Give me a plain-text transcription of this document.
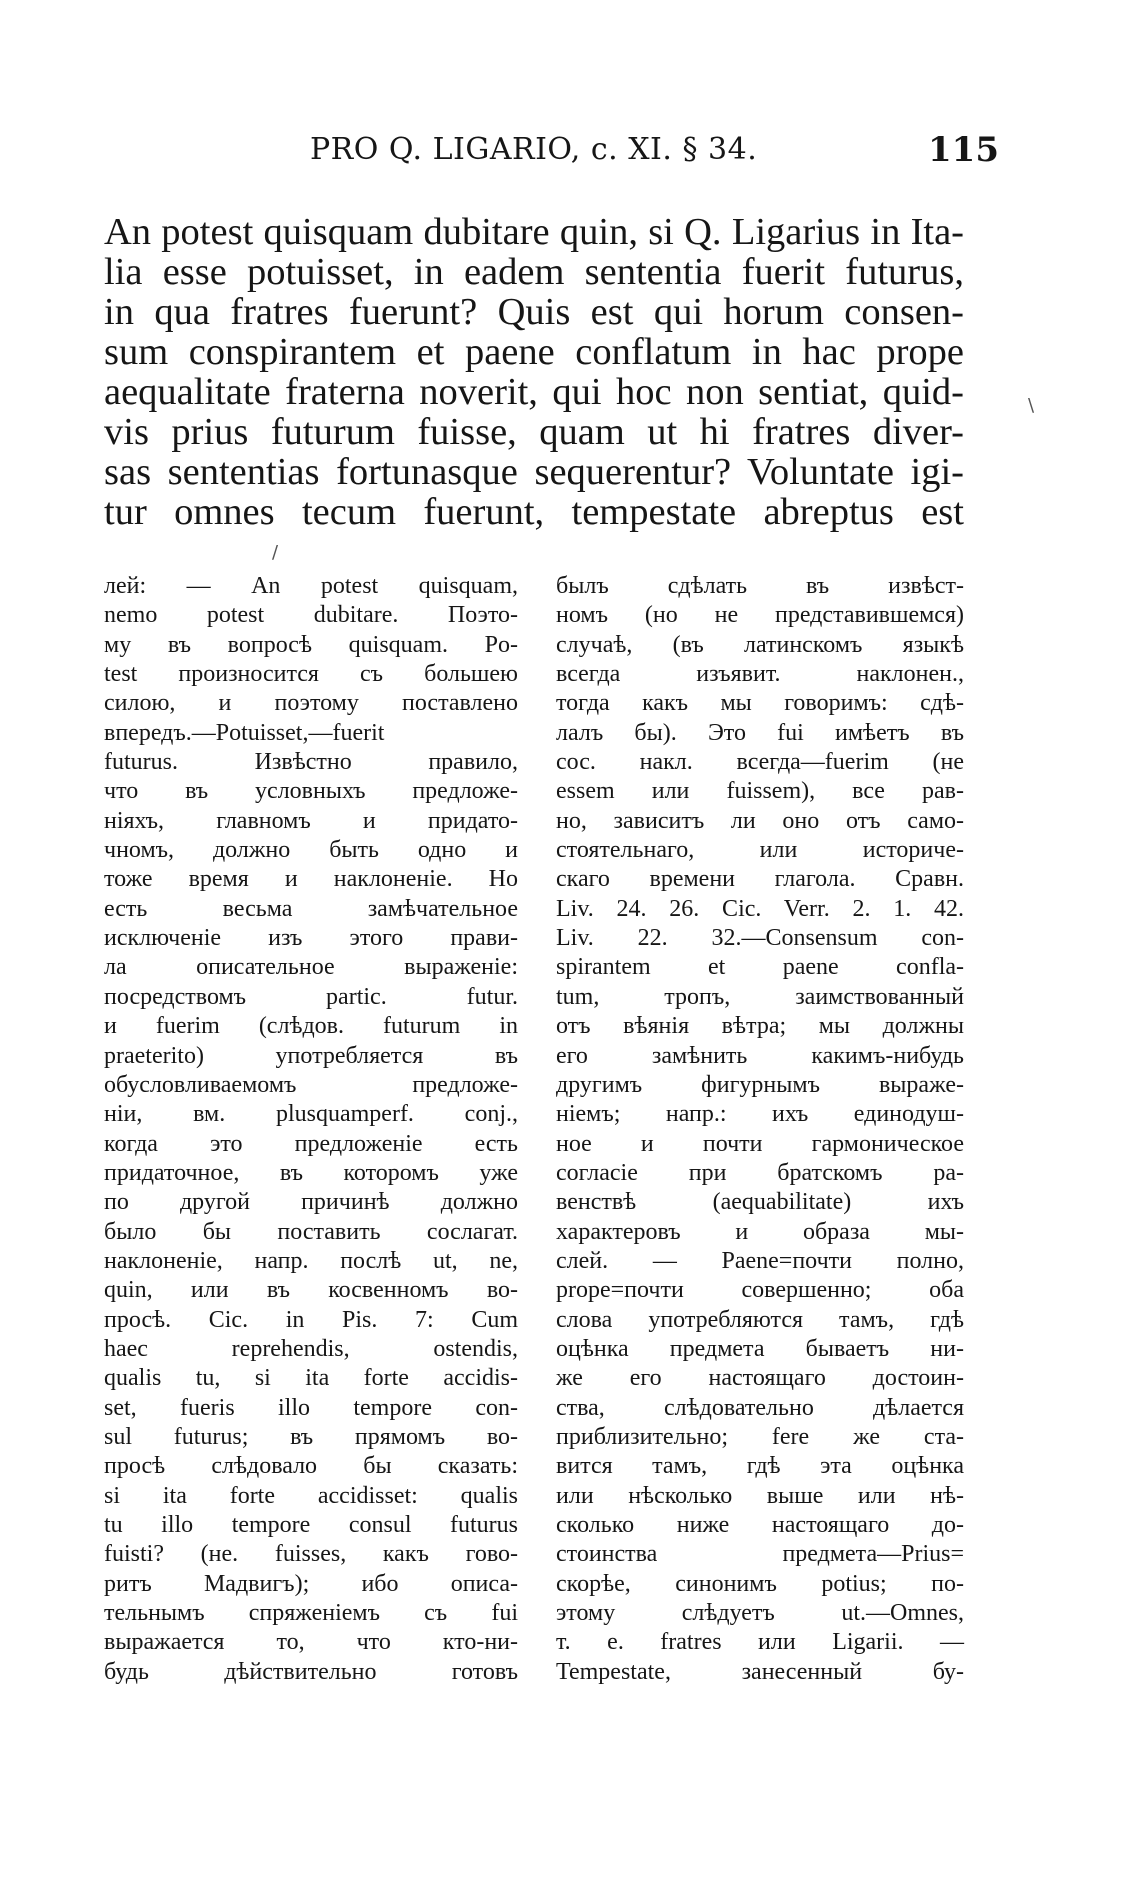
PRO Q. LIGARIO, c. XI. § 34.	115
An potest quisquam dubitare quin, si Q. Ligarius in Ita-
lia esse potuisset, in eadem sententia fuerit futurus,
in qua fratres fuerunt? Quis est qui horum consen-
sum conspirantem et paene conflatum in hac prope
aequalitate fraterna noverit, qui hoc non sentiat, quid-
vis prius futurum fuisse, quam ut hi fratres diver-
sas sententias fortunasque sequerentur? Voluntate igi-
tur omnes tecum fuerunt, tempestate abreptus est
\
/
лей: — An potest quisquam,
nemo potest dubitare. Поэто-
му въ вопросѣ quisquam. Po-
test произносится съ большею
силою, и поэтому поставлено
впередъ.—Potuisset,—fuerit
futurus. Извѣстно правило,
что въ условныхъ предложе-
ніяхъ, главномъ и придато-
чномъ, должно быть одно и
тоже время и наклоненіе. Но
есть весьма замѣчательное
исключеніе изъ этого прави-
ла описательное выраженіе:
посредствомъ partic. futur.
и fuerim (слѣдов. futurum in
praeterito) употребляется въ
обусловливаемомъ предложе-
ніи, вм. plusquamperf. conj.,
когда это предложеніе есть
придаточное, въ которомъ уже
по другой причинѣ должно
было бы поставить сослагат.
наклоненіе, напр. послѣ ut, ne,
quin, или въ косвенномъ во-
просѣ. Cic. in Pis. 7: Cum
haec reprehendis, ostendis,
qualis tu, si ita forte accidis-
set, fueris illo tempore con-
sul futurus; въ прямомъ во-
просѣ слѣдовало бы сказать:
si ita forte accidisset: qualis
tu illo tempore consul futurus
fuisti? (не. fuisses, какъ гово-
ритъ Мадвигъ); ибо описа-
тельнымъ спряженіемъ съ fui
выражается то, что кто-ни-
будь дѣйствительно готовъ
былъ сдѣлать въ извѣст-
номъ (но не представившемся)
случаѣ, (въ латинскомъ языкѣ
всегда изъявит. наклонен.,
тогда какъ мы говоримъ: сдѣ-
лалъ бы). Это fui имѣетъ въ
сос. накл. всегда—fuerim (не
essem или fuissem), все рав-
но, зависитъ ли оно отъ само-
стоятельнаго, или историче-
скаго времени глагола. Сравн.
Liv. 24. 26. Cic. Verr. 2. 1. 42.
Liv. 22. 32.—Consensum con-
spirantem et paene confla-
tum, тропъ, заимствованный
отъ вѣянія вѣтра; мы должны
его замѣнить какимъ-нибудь
другимъ фигурнымъ выраже-
ніемъ; напр.: ихъ единодуш-
ное и почти гармоническое
согласіе при братскомъ ра-
венствѣ (aequabilitate) ихъ
характеровъ и образа мы-
слей. — Paene=почти полно,
prope=почти совершенно; оба
слова употребляются тамъ, гдѣ
оцѣнка предмета бываетъ ни-
же его настоящаго достоин-
ства, слѣдовательно дѣлается
приблизительно; fere же ста-
вится тамъ, гдѣ эта оцѣнка
или нѣсколько выше или нѣ-
сколько ниже настоящаго до-
стоинства предмета—Prius=
скорѣе, синонимъ potius; по-
этому слѣдуетъ ut.—Omnes,
т. е. fratres или Ligarii. —
Tempestate, занесенный бу-
